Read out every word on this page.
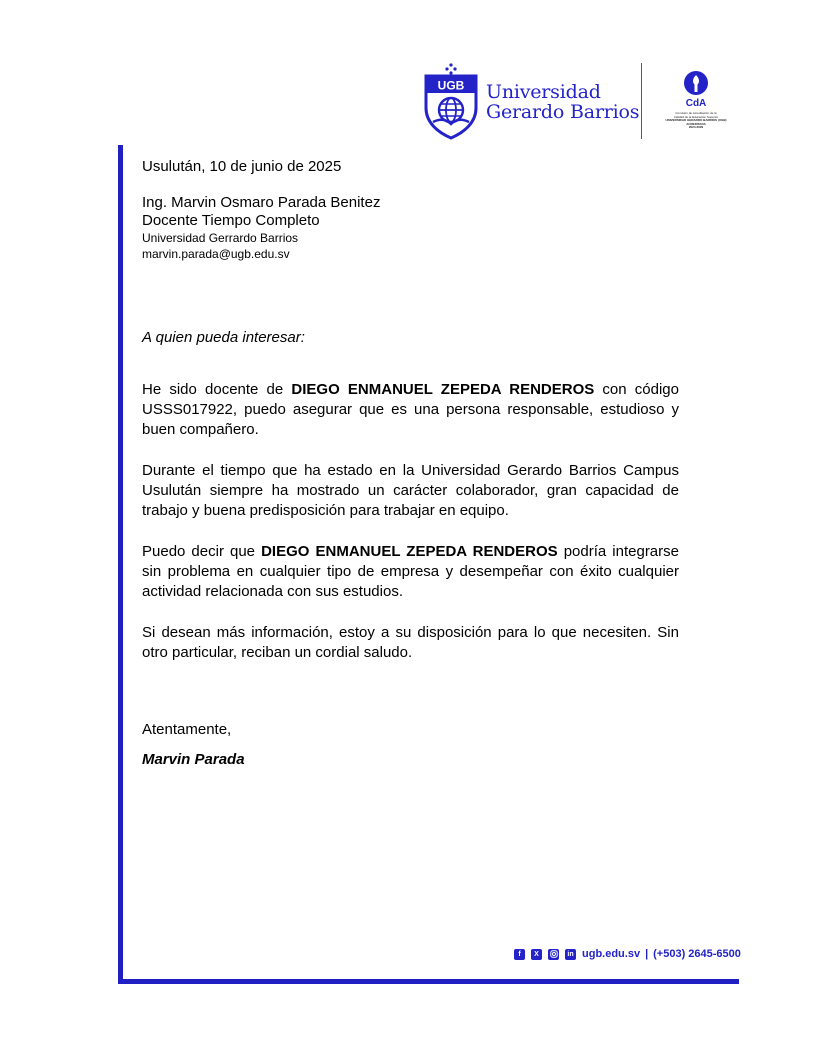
UGB Universidad
Gerardo Barrios	CdA
Comisión de Acreditación de la
Calidad de la Educación Superior
UNIVERSIDAD GERARDO BARRIOS (UGB)
ACREDITADA
2024-2029
Usulután, 10 de junio de 2025
Ing. Marvin Osmaro Parada Benitez
Docente Tiempo Completo
Universidad Gerrardo Barrios
marvin.parada@ugb.edu.sv
A quien pueda interesar:

He sido docente de DIEGO ENMANUEL ZEPEDA RENDEROS con código USSS017922, puedo asegurar que es una persona responsable, estudioso y buen compañero.

Durante el tiempo que ha estado en la Universidad Gerardo Barrios Campus Usulután siempre ha mostrado un carácter colaborador, gran capacidad de trabajo y buena predisposición para trabajar en equipo.

Puedo decir que DIEGO ENMANUEL ZEPEDA RENDEROS podría integrarse sin problema en cualquier tipo de empresa y desempeñar con éxito cualquier actividad relacionada con sus estudios.

Si desean más información, estoy a su disposición para lo que necesiten. Sin otro particular, reciban un cordial saludo.

Atentamente,
Marvin Parada
f	X	in ugb.edu.sv | (+503) 2645-6500
